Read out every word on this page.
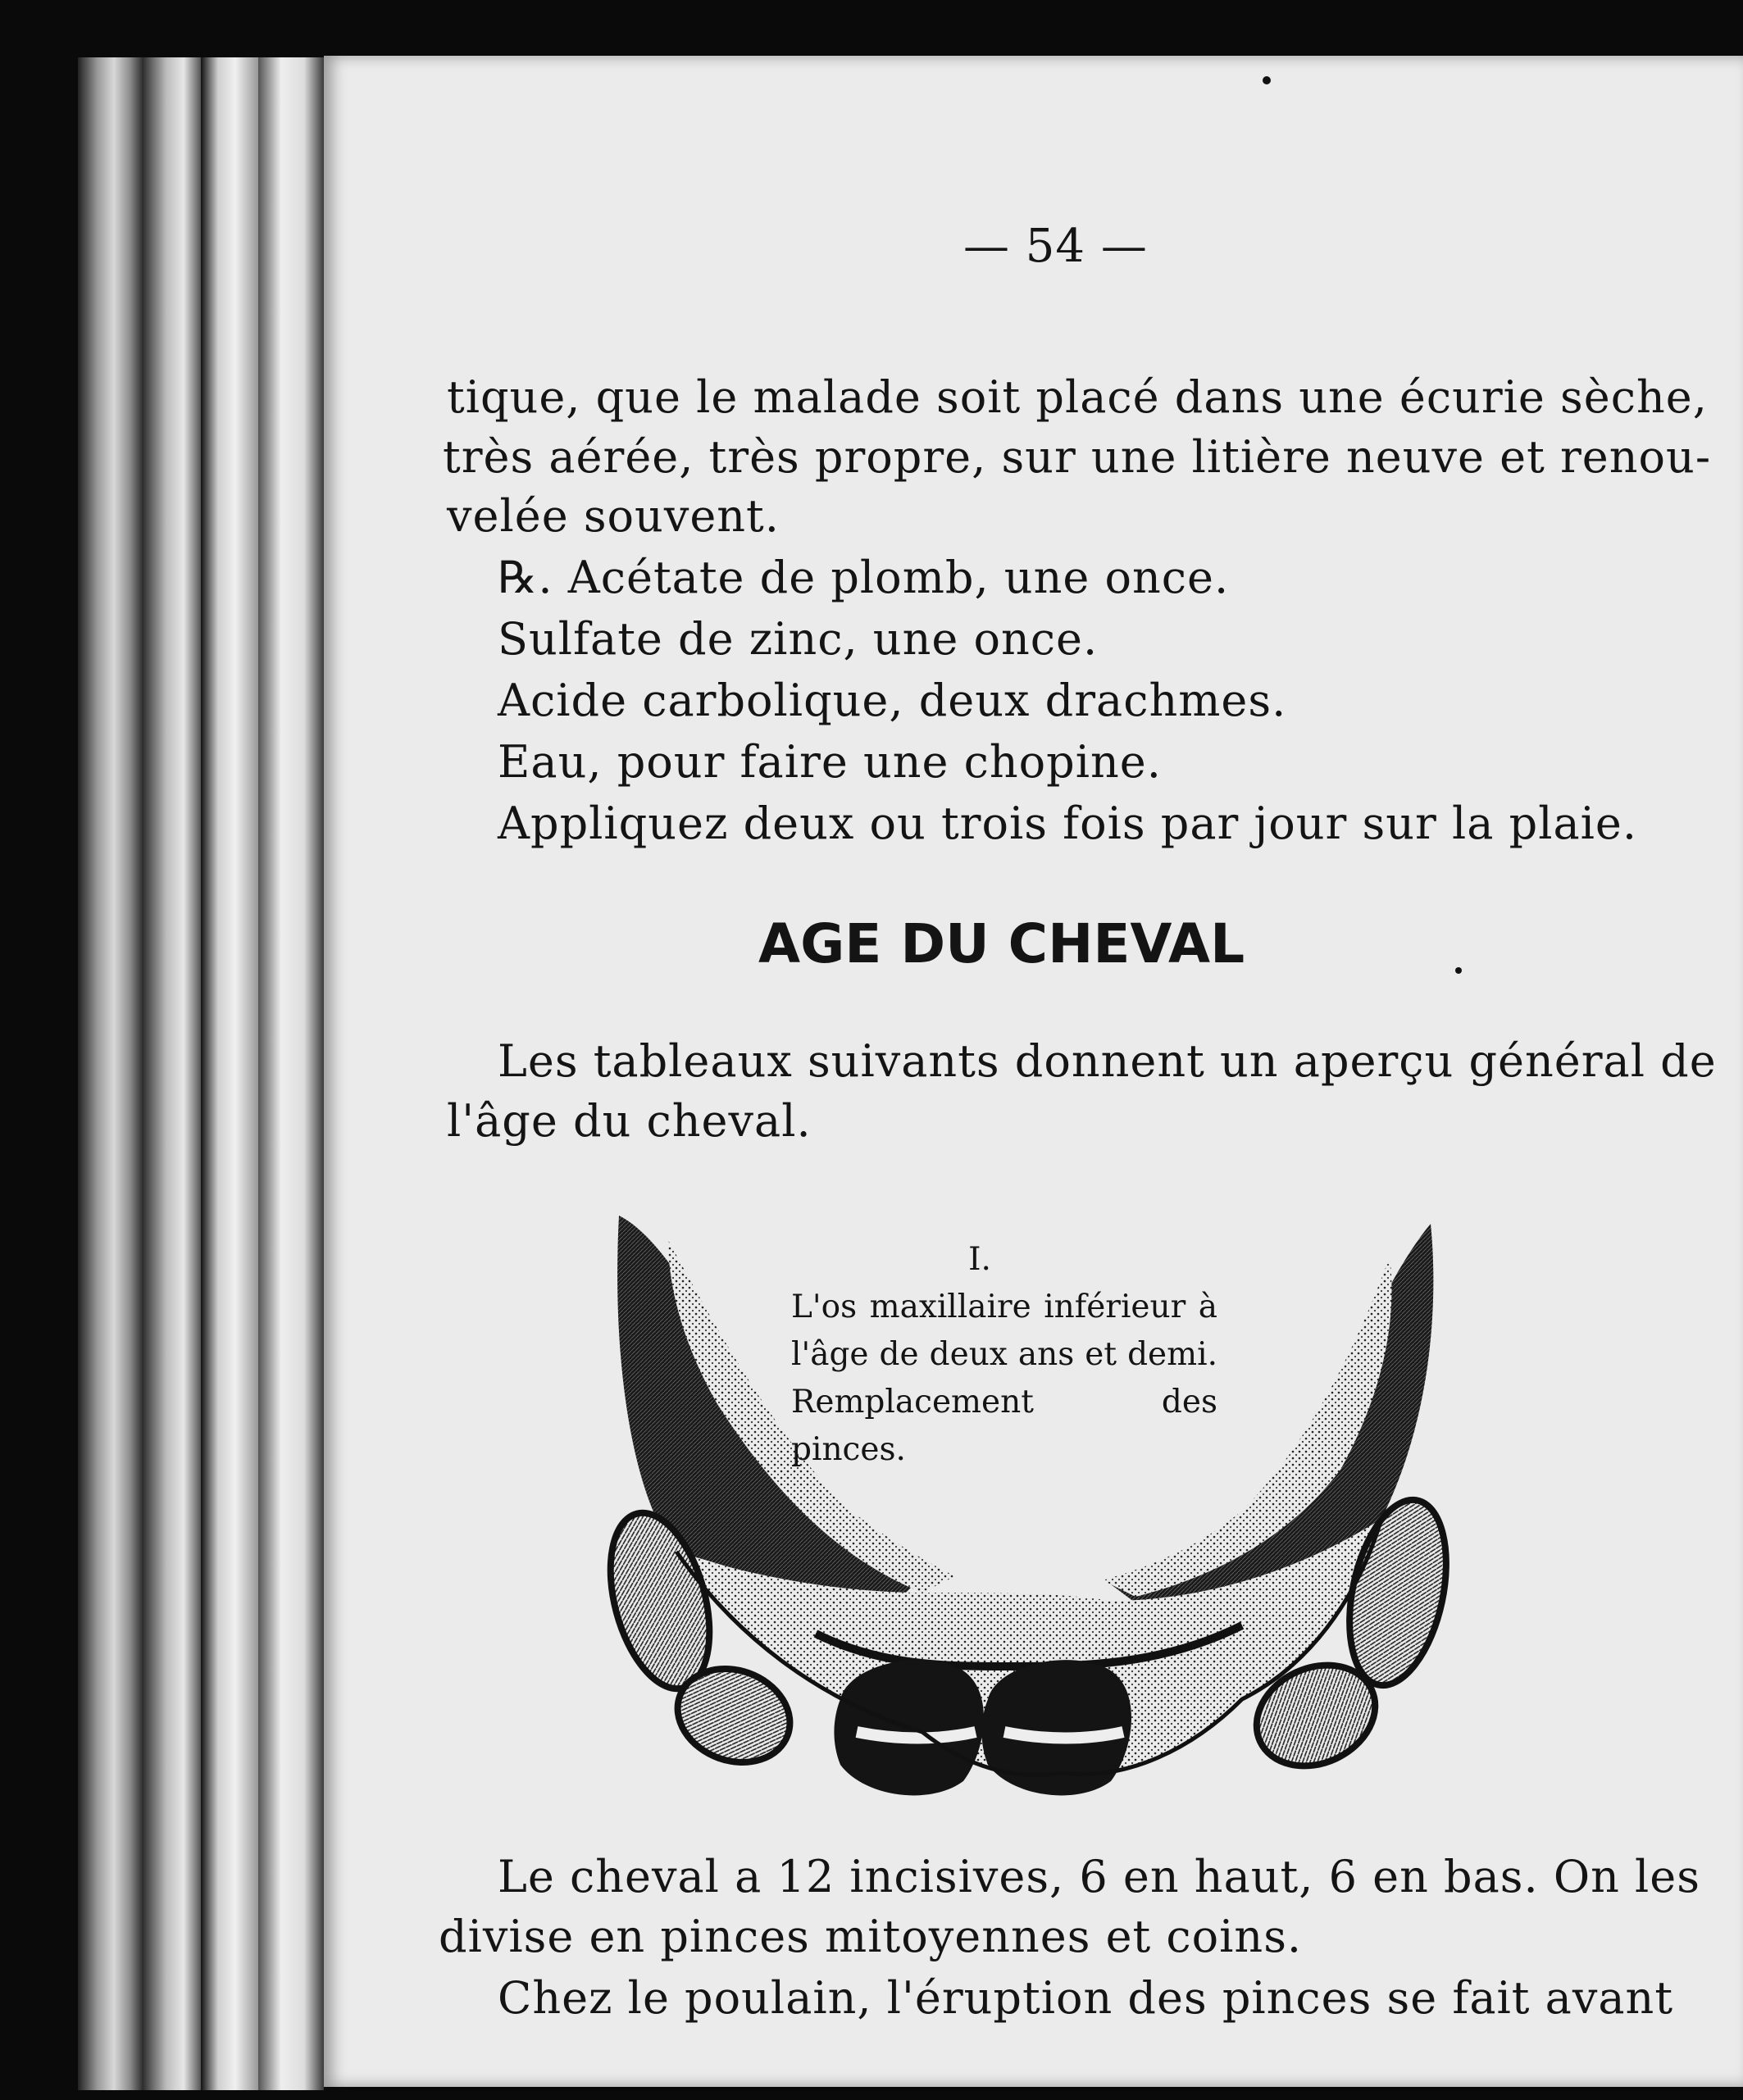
— 54 —
tique, que le malade soit placé dans une écurie sèche,
très aérée, très propre, sur une litière neuve et renou-
velée souvent.
℞. Acétate de plomb, une once.
Sulfate de zinc, une once.
Acide carbolique, deux drachmes.
Eau, pour faire une chopine.
Appliquez deux ou trois fois par jour sur la plaie.
AGE DU CHEVAL
Les tableaux suivants donnent un aperçu général de
l'âge du cheval.
I.
L'os maxillaire inférieur à l'âge de deux ans et demi. Remplacement des pinces.
Le cheval a 12 incisives, 6 en haut, 6 en bas. On les
divise en pinces mitoyennes et coins.
Chez le poulain, l'éruption des pinces se fait avant
